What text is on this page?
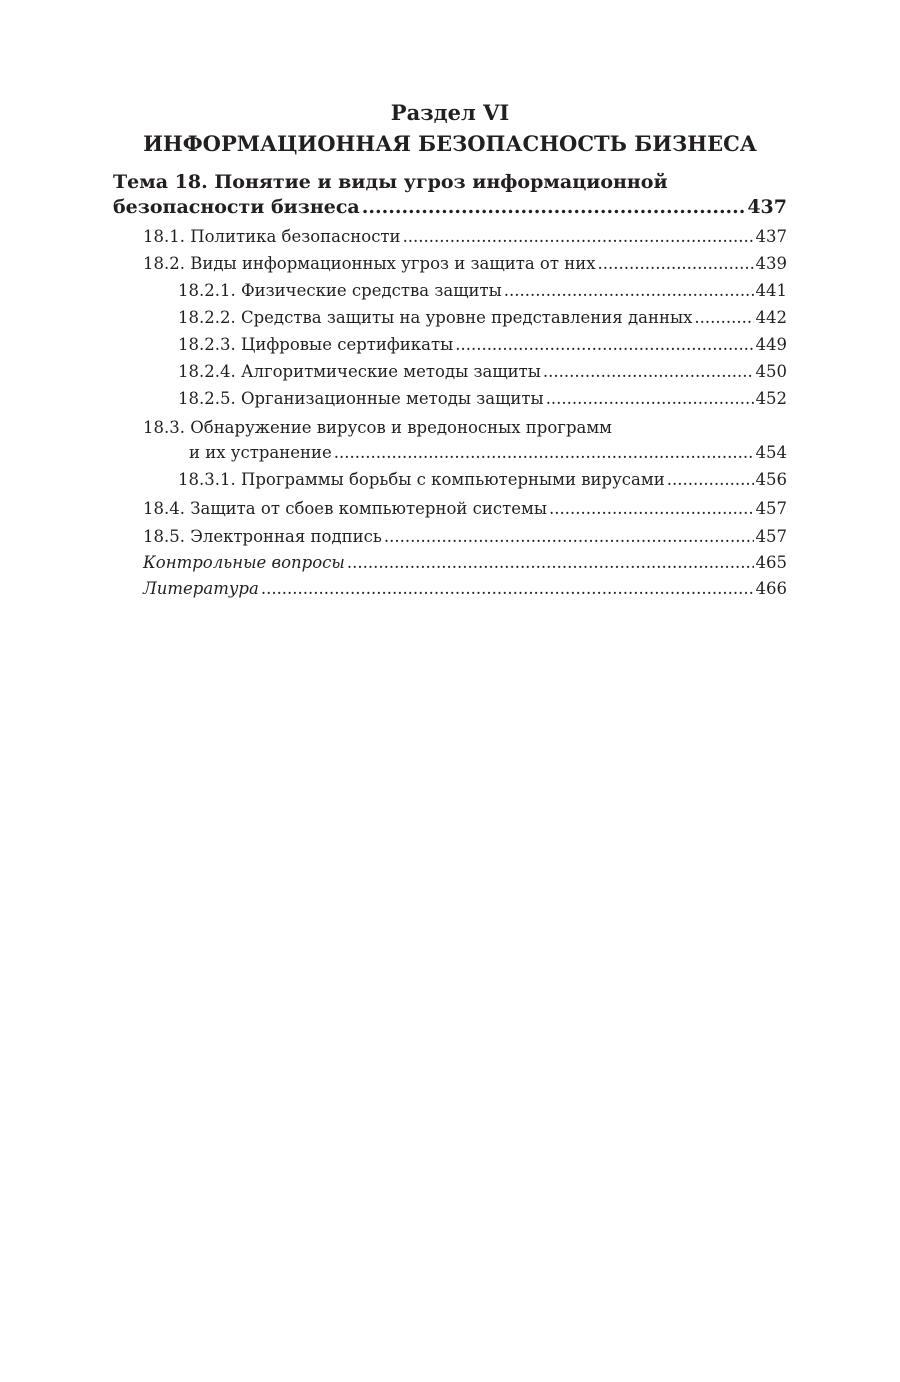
Раздел VI
ИНФОРМАЦИОННАЯ БЕЗОПАСНОСТЬ БИЗНЕСА
Тема 18. Понятие и виды угроз информационной
безопасности бизнеса .....	437
18.1. Политика безопасности .....	437
18.2. Виды информационных угроз и защита от них .....	439
18.2.1. Физические средства защиты .....	441
18.2.2. Средства защиты на уровне представления данных .....	442
18.2.3. Цифровые сертификаты .....	449
18.2.4. Алгоритмические методы защиты .....	450
18.2.5. Организационные методы защиты .....	452
18.3. Обнаружение вирусов и вредоносных программ
и их устранение .....	454
18.3.1. Программы борьбы с компьютерными вирусами .....	456
18.4. Защита от сбоев компьютерной системы .....	457
18.5. Электронная подпись .....	457
Контрольные вопросы .....	465
Литература .....	466
